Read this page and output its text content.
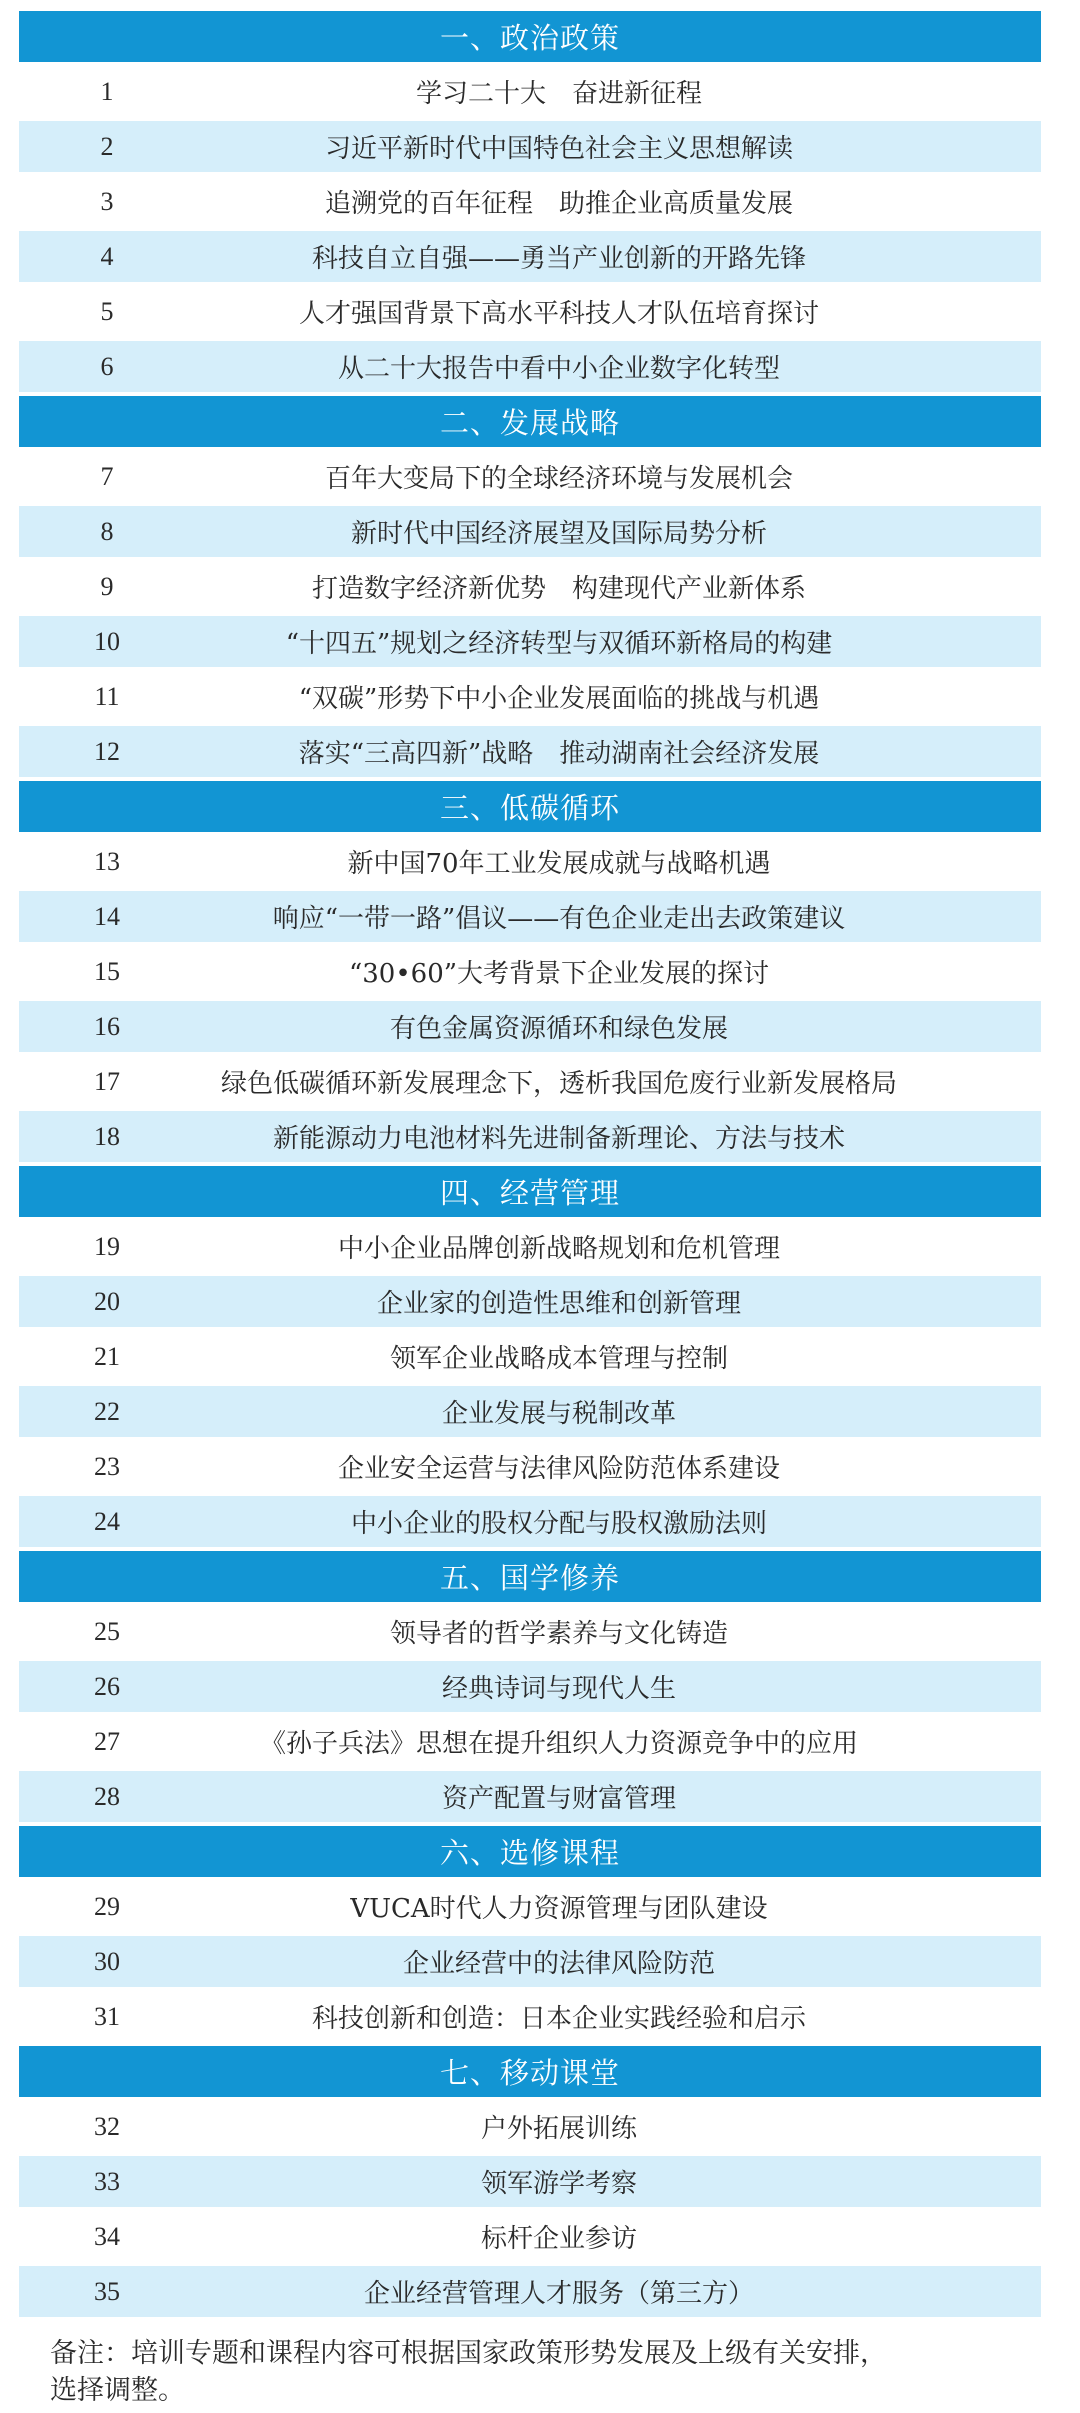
一、政治政策
1	学习二十大　奋进新征程
2	习近平新时代中国特色社会主义思想解读
3	追溯党的百年征程　助推企业高质量发展
4	科技自立自强——勇当产业创新的开路先锋
5	人才强国背景下高水平科技人才队伍培育探讨
6	从二十大报告中看中小企业数字化转型
二、发展战略
7	百年大变局下的全球经济环境与发展机会
8	新时代中国经济展望及国际局势分析
9	打造数字经济新优势　构建现代产业新体系
10	“十四五”规划之经济转型与双循环新格局的构建
11	“双碳”形势下中小企业发展面临的挑战与机遇
12	落实“三高四新”战略　推动湖南社会经济发展
三、低碳循环
13	新中国70年工业发展成就与战略机遇
14	响应“一带一路”倡议——有色企业走出去政策建议
15	“30•60”大考背景下企业发展的探讨
16	有色金属资源循环和绿色发展
17	绿色低碳循环新发展理念下，透析我国危废行业新发展格局
18	新能源动力电池材料先进制备新理论、方法与技术
四、经营管理
19	中小企业品牌创新战略规划和危机管理
20	企业家的创造性思维和创新管理
21	领军企业战略成本管理与控制
22	企业发展与税制改革
23	企业安全运营与法律风险防范体系建设
24	中小企业的股权分配与股权激励法则
五、国学修养
25	领导者的哲学素养与文化铸造
26	经典诗词与现代人生
27	《孙子兵法》思想在提升组织人力资源竞争中的应用
28	资产配置与财富管理
六、选修课程
29	VUCA时代人力资源管理与团队建设
30	企业经营中的法律风险防范
31	科技创新和创造：日本企业实践经验和启示
七、移动课堂
32	户外拓展训练
33	领军游学考察
34	标杆企业参访
35	企业经营管理人才服务（第三方）
备注：培训专题和课程内容可根据国家政策形势发展及上级有关安排，
选择调整。
